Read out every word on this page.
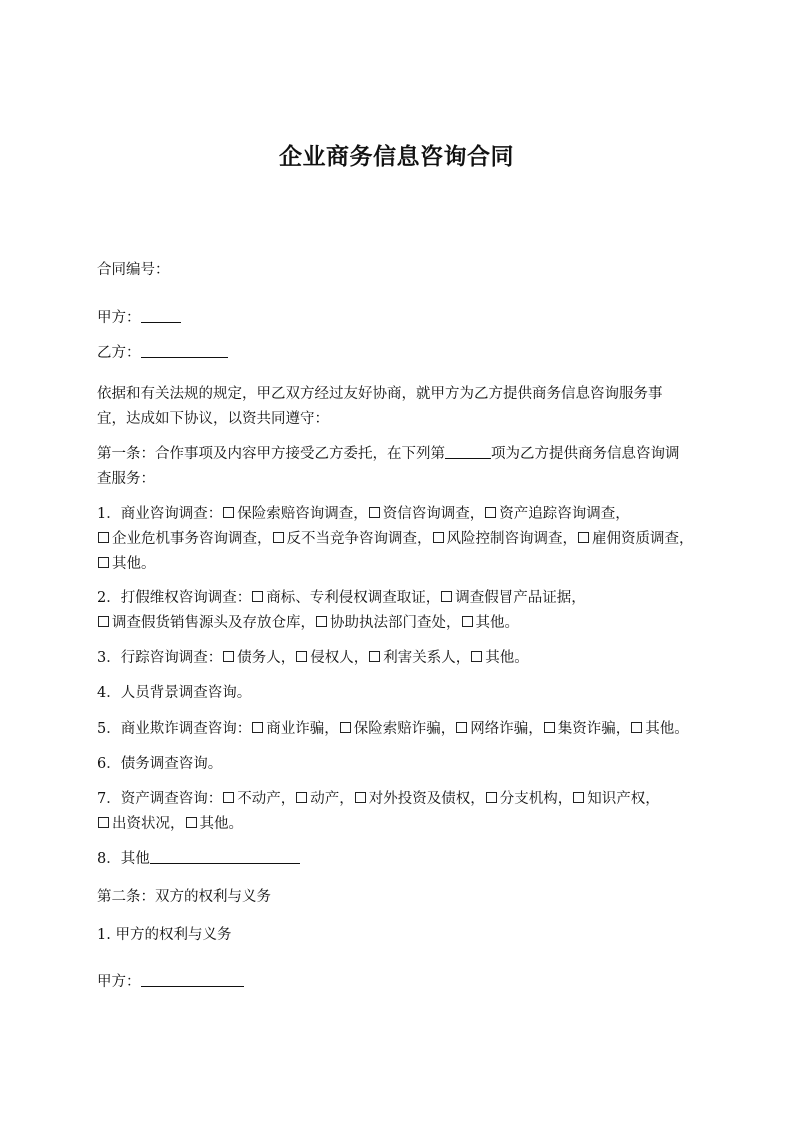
企业商务信息咨询合同

合同编号：

甲方：

乙方：

依据和有关法规的规定，甲乙双方经过友好协商，就甲方为乙方提供商务信息咨询服务事宜，达成如下协议，以资共同遵守：

第一条：合作事项及内容甲方接受乙方委托，在下列第	项为乙方提供商务信息咨询调查服务：

1．商业咨询调查： 保险索赔咨询调查， 资信咨询调查， 资产追踪咨询调查，企业危机事务咨询调查， 反不当竞争咨询调查， 风险控制咨询调查， 雇佣资质调查，其他。

2．打假维权咨询调查： 商标、专利侵权调查取证， 调查假冒产品证据，调查假货销售源头及存放仓库， 协助执法部门查处， 其他。

3．行踪咨询调查： 债务人， 侵权人， 利害关系人， 其他。

4．人员背景调查咨询。

5．商业欺诈调查咨询： 商业诈骗， 保险索赔诈骗， 网络诈骗， 集资诈骗， 其他。

6．债务调查咨询。

7．资产调查咨询： 不动产， 动产， 对外投资及债权， 分支机构， 知识产权，出资状况， 其他。

8．其他

第二条：双方的权利与义务

1. 甲方的权利与义务

甲方：
